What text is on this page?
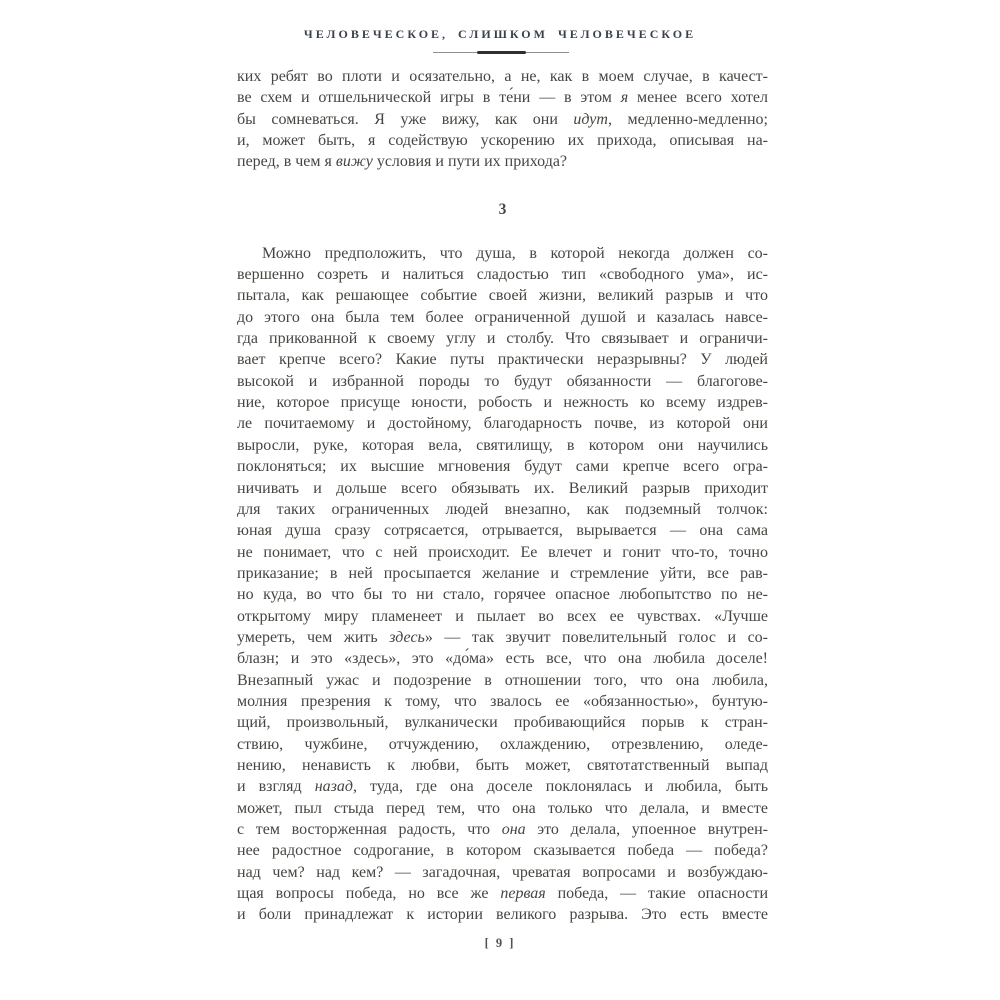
ЧЕЛОВЕЧЕСКОЕ, СЛИШКОМ ЧЕЛОВЕЧЕСКОЕ
ких ребят во плоти и осязательно, а не, как в моем случае, в качест-
ве схем и отшельнической игры в те́ни — в этом я менее всего хотел
бы сомневаться. Я уже вижу, как они идут, медленно-медленно;
и, может быть, я содействую ускорению их прихода, описывая на-
перед, в чем я вижу условия и пути их прихода?
3
Можно предположить, что душа, в которой некогда должен со-
вершенно созреть и налиться сладостью тип «свободного ума», ис-
пытала, как решающее событие своей жизни, великий разрыв и что
до этого она была тем более ограниченной душой и казалась навсе-
гда прикованной к своему углу и столбу. Что связывает и ограничи-
вает крепче всего? Какие путы практически неразрывны? У людей
высокой и избранной породы то будут обязанности — благогове-
ние, которое присуще юности, робость и нежность ко всему издрев-
ле почитаемому и достойному, благодарность почве, из которой они
выросли, руке, которая вела, святилищу, в котором они научились
поклоняться; их высшие мгновения будут сами крепче всего огра-
ничивать и дольше всего обязывать их. Великий разрыв приходит
для таких ограниченных людей внезапно, как подземный толчок:
юная душа сразу сотрясается, отрывается, вырывается — она сама
не понимает, что с ней происходит. Ее влечет и гонит что-то, точно
приказание; в ней просыпается желание и стремление уйти, все рав-
но куда, во что бы то ни стало, горячее опасное любопытство по не-
открытому миру пламенеет и пылает во всех ее чувствах. «Лучше
умереть, чем жить здесь» — так звучит повелительный голос и со-
блазн; и это «здесь», это «до́ма» есть все, что она любила доселе!
Внезапный ужас и подозрение в отношении того, что она любила,
молния презрения к тому, что звалось ее «обязанностью», бунтую-
щий, произвольный, вулканически пробивающийся порыв к стран-
ствию, чужбине, отчуждению, охлаждению, отрезвлению, оледе-
нению, ненависть к любви, быть может, святотатственный выпад
и взгляд назад, туда, где она доселе поклонялась и любила, быть
может, пыл стыда перед тем, что она только что делала, и вместе
с тем восторженная радость, что она это делала, упоенное внутрен-
нее радостное содрогание, в котором сказывается победа — победа?
над чем? над кем? — загадочная, чреватая вопросами и возбуждаю-
щая вопросы победа, но все же первая победа, — такие опасности
и боли принадлежат к истории великого разрыва. Это есть вместе
[ 9 ]
